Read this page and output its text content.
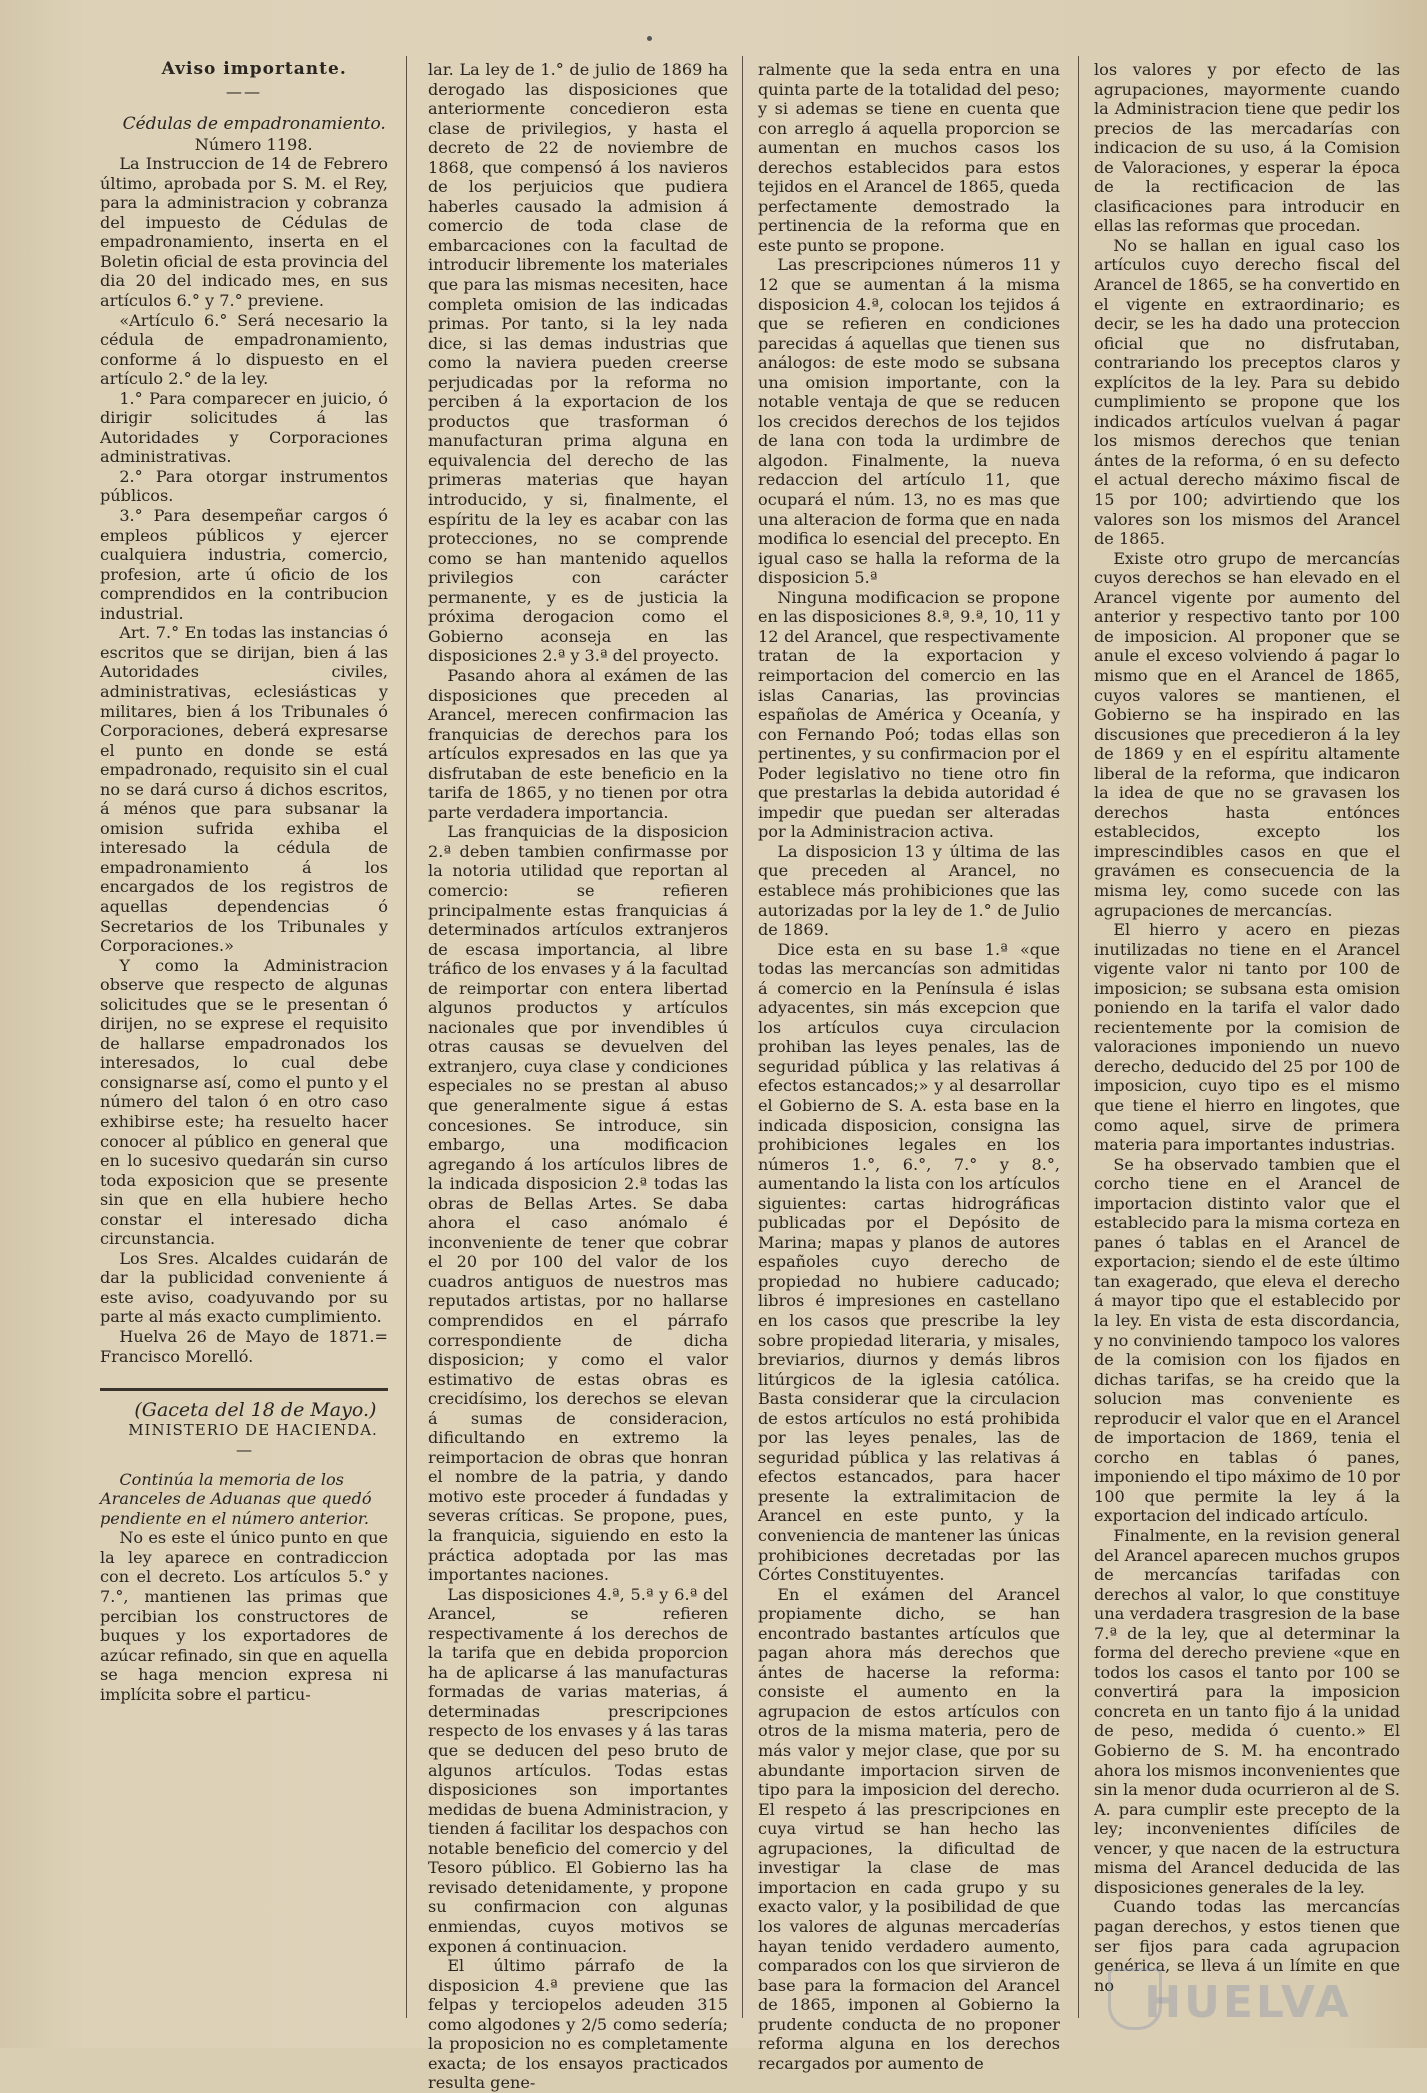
Aviso importante.

——

Cédulas de empadronamiento.

Número 1198.

La Instruccion de 14 de Febrero último, aprobada por S. M. el Rey, para la administracion y cobranza del impuesto de Cédulas de empadronamiento, inserta en el Boletin oficial de esta provincia del dia 20 del indicado mes, en sus artículos 6.° y 7.° previene.

«Artículo 6.° Será necesario la cédula de empadronamiento, conforme á lo dispuesto en el artículo 2.° de la ley.

1.° Para comparecer en juicio, ó dirigir solicitudes á las Autoridades y Corporaciones administrativas.

2.° Para otorgar instrumentos públicos.

3.° Para desempeñar cargos ó empleos públicos y ejercer cualquiera industria, comercio, profesion, arte ú oficio de los comprendidos en la contribucion industrial.

Art. 7.° En todas las instancias ó escritos que se dirijan, bien á las Autoridades civiles, administrativas, eclesiásticas y militares, bien á los Tribunales ó Corporaciones, deberá expresarse el punto en donde se está empadronado, requisito sin el cual no se dará curso á dichos escritos, á ménos que para subsanar la omision sufrida exhiba el interesado la cédula de empadronamiento á los encargados de los registros de aquellas dependencias ó Secretarios de los Tribunales y Corporaciones.»

Y como la Administracion observe que respecto de algunas solicitudes que se le presentan ó dirijen, no se exprese el requisito de hallarse empadronados los interesados, lo cual debe consignarse así, como el punto y el número del talon ó en otro caso exhibirse este; ha resuelto hacer conocer al público en general que en lo sucesivo quedarán sin curso toda exposicion que se presente sin que en ella hubiere hecho constar el interesado dicha circunstancia.

Los Sres. Alcaldes cuidarán de dar la publicidad conveniente á este aviso, coadyuvando por su parte al más exacto cumplimiento.

Huelva 26 de Mayo de 1871.= Francisco Morelló.

(Gaceta del 18 de Mayo.)

MINISTERIO DE HACIENDA.

—

Continúa la memoria de los Aranceles de Aduanas que quedó pendiente en el número anterior.

No es este el único punto en que la ley aparece en contradiccion con el decreto. Los artículos 5.° y 7.°, mantienen las primas que percibian los constructores de buques y los exportadores de azúcar refinado, sin que en aquella se haga mencion expresa ni implícita sobre el particu-

lar. La ley de 1.° de julio de 1869 ha derogado las disposiciones que anteriormente concedieron esta clase de privilegios, y hasta el decreto de 22 de noviembre de 1868, que compensó á los navieros de los perjuicios que pudiera haberles causado la admision á comercio de toda clase de embarcaciones con la facultad de introducir libremente los materiales que para las mismas necesiten, hace completa omision de las indicadas primas. Por tanto, si la ley nada dice, si las demas industrias que como la naviera pueden creerse perjudicadas por la reforma no perciben á la exportacion de los productos que trasforman ó manufacturan prima alguna en equivalencia del derecho de las primeras materias que hayan introducido, y si, finalmente, el espíritu de la ley es acabar con las protecciones, no se comprende como se han mantenido aquellos privilegios con carácter permanente, y es de justicia la próxima derogacion como el Gobierno aconseja en las disposiciones 2.ª y 3.ª del proyecto.

Pasando ahora al exámen de las disposiciones que preceden al Arancel, merecen confirmacion las franquicias de derechos para los artículos expresados en las que ya disfrutaban de este beneficio en la tarifa de 1865, y no tienen por otra parte verdadera importancia.

Las franquicias de la disposicion 2.ª deben tambien confirmasse por la notoria utilidad que reportan al comercio: se refieren principalmente estas franquicias á determinados artículos extranjeros de escasa importancia, al libre tráfico de los envases y á la facultad de reimportar con entera libertad algunos productos y artículos nacionales que por invendibles ú otras causas se devuelven del extranjero, cuya clase y condiciones especiales no se prestan al abuso que generalmente sigue á estas concesiones. Se introduce, sin embargo, una modificacion agregando á los artículos libres de la indicada disposicion 2.ª todas las obras de Bellas Artes. Se daba ahora el caso anómalo é inconveniente de tener que cobrar el 20 por 100 del valor de los cuadros antiguos de nuestros mas reputados artistas, por no hallarse comprendidos en el párrafo correspondiente de dicha disposicion; y como el valor estimativo de estas obras es crecidísimo, los derechos se elevan á sumas de consideracion, dificultando en extremo la reimportacion de obras que honran el nombre de la patria, y dando motivo este proceder á fundadas y severas críticas. Se propone, pues, la franquicia, siguiendo en esto la práctica adoptada por las mas importantes naciones.

Las disposiciones 4.ª, 5.ª y 6.ª del Arancel, se refieren respectivamente á los derechos de la tarifa que en debida proporcion ha de aplicarse á las manufacturas formadas de varias materias, á determinadas prescripciones respecto de los envases y á las taras que se deducen del peso bruto de algunos artículos. Todas estas disposiciones son importantes medidas de buena Administracion, y tienden á facilitar los despachos con notable beneficio del comercio y del Tesoro público. El Gobierno las ha revisado detenidamente, y propone su confirmacion con algunas enmiendas, cuyos motivos se exponen á continuacion.

El último párrafo de la disposicion 4.ª previene que las felpas y terciopelos adeuden 315 como algodones y 2/5 como sedería; la proposicion no es completamente exacta; de los ensayos practicados resulta gene-

ralmente que la seda entra en una quinta parte de la totalidad del peso; y si ademas se tiene en cuenta que con arreglo á aquella proporcion se aumentan en muchos casos los derechos establecidos para estos tejidos en el Arancel de 1865, queda perfectamente demostrado la pertinencia de la reforma que en este punto se propone.

Las prescripciones números 11 y 12 que se aumentan á la misma disposicion 4.ª, colocan los tejidos á que se refieren en condiciones parecidas á aquellas que tienen sus análogos: de este modo se subsana una omision importante, con la notable ventaja de que se reducen los crecidos derechos de los tejidos de lana con toda la urdimbre de algodon. Finalmente, la nueva redaccion del artículo 11, que ocupará el núm. 13, no es mas que una alteracion de forma que en nada modifica lo esencial del precepto. En igual caso se halla la reforma de la disposicion 5.ª

Ninguna modificacion se propone en las disposiciones 8.ª, 9.ª, 10, 11 y 12 del Arancel, que respectivamente tratan de la exportacion y reimportacion del comercio en las islas Canarias, las provincias españolas de América y Oceanía, y con Fernando Poó; todas ellas son pertinentes, y su confirmacion por el Poder legislativo no tiene otro fin que prestarlas la debida autoridad é impedir que puedan ser alteradas por la Administracion activa.

La disposicion 13 y última de las que preceden al Arancel, no establece más prohibiciones que las autorizadas por la ley de 1.° de Julio de 1869.

Dice esta en su base 1.ª «que todas las mercancías son admitidas á comercio en la Península é islas adyacentes, sin más excepcion que los artículos cuya circulacion prohiban las leyes penales, las de seguridad pública y las relativas á efectos estancados;» y al desarrollar el Gobierno de S. A. esta base en la indicada disposicion, consigna las prohibiciones legales en los números 1.°, 6.°, 7.° y 8.°, aumentando la lista con los artículos siguientes: cartas hidrográficas publicadas por el Depósito de Marina; mapas y planos de autores españoles cuyo derecho de propiedad no hubiere caducado; libros é impresiones en castellano en los casos que prescribe la ley sobre propiedad literaria, y misales, breviarios, diurnos y demás libros litúrgicos de la iglesia católica. Basta considerar que la circulacion de estos artículos no está prohibida por las leyes penales, las de seguridad pública y las relativas á efectos estancados, para hacer presente la extralimitacion de Arancel en este punto, y la conveniencia de mantener las únicas prohibiciones decretadas por las Córtes Constituyentes.

En el exámen del Arancel propiamente dicho, se han encontrado bastantes artículos que pagan ahora más derechos que ántes de hacerse la reforma: consiste el aumento en la agrupacion de estos artículos con otros de la misma materia, pero de más valor y mejor clase, que por su abundante importacion sirven de tipo para la imposicion del derecho. El respeto á las prescripciones en cuya virtud se han hecho las agrupaciones, la dificultad de investigar la clase de mas importacion en cada grupo y su exacto valor, y la posibilidad de que los valores de algunas mercaderías hayan tenido verdadero aumento, comparados con los que sirvieron de base para la formacion del Arancel de 1865, imponen al Gobierno la prudente conducta de no proponer reforma alguna en los derechos recargados por aumento de

los valores y por efecto de las agrupaciones, mayormente cuando la Administracion tiene que pedir los precios de las mercadarías con indicacion de su uso, á la Comision de Valoraciones, y esperar la época de la rectificacion de las clasificaciones para introducir en ellas las reformas que procedan.

No se hallan en igual caso los artículos cuyo derecho fiscal del Arancel de 1865, se ha convertido en el vigente en extraordinario; es decir, se les ha dado una proteccion oficial que no disfrutaban, contrariando los preceptos claros y explícitos de la ley. Para su debido cumplimiento se propone que los indicados artículos vuelvan á pagar los mismos derechos que tenian ántes de la reforma, ó en su defecto el actual derecho máximo fiscal de 15 por 100; advirtiendo que los valores son los mismos del Arancel de 1865.

Existe otro grupo de mercancías cuyos derechos se han elevado en el Arancel vigente por aumento del anterior y respectivo tanto por 100 de imposicion. Al proponer que se anule el exceso volviendo á pagar lo mismo que en el Arancel de 1865, cuyos valores se mantienen, el Gobierno se ha inspirado en las discusiones que precedieron á la ley de 1869 y en el espíritu altamente liberal de la reforma, que indicaron la idea de que no se gravasen los derechos hasta entónces establecidos, excepto los imprescindibles casos en que el gravámen es consecuencia de la misma ley, como sucede con las agrupaciones de mercancías.

El hierro y acero en piezas inutilizadas no tiene en el Arancel vigente valor ni tanto por 100 de imposicion; se subsana esta omision poniendo en la tarifa el valor dado recientemente por la comision de valoraciones imponiendo un nuevo derecho, deducido del 25 por 100 de imposicion, cuyo tipo es el mismo que tiene el hierro en lingotes, que como aquel, sirve de primera materia para importantes industrias.

Se ha observado tambien que el corcho tiene en el Arancel de importacion distinto valor que el establecido para la misma corteza en panes ó tablas en el Arancel de exportacion; siendo el de este último tan exagerado, que eleva el derecho á mayor tipo que el establecido por la ley. En vista de esta discordancia, y no conviniendo tampoco los valores de la comision con los fijados en dichas tarifas, se ha creido que la solucion mas conveniente es reproducir el valor que en el Arancel de importacion de 1869, tenia el corcho en tablas ó panes, imponiendo el tipo máximo de 10 por 100 que permite la ley á la exportacion del indicado artículo.

Finalmente, en la revision general del Arancel aparecen muchos grupos de mercancías tarifadas con derechos al valor, lo que constituye una verdadera trasgresion de la base 7.ª de la ley, que al determinar la forma del derecho previene «que en todos los casos el tanto por 100 se convertirá para la imposicion concreta en un tanto fijo á la unidad de peso, medida ó cuento.» El Gobierno de S. M. ha encontrado ahora los mismos inconvenientes que sin la menor duda ocurrieron al de S. A. para cumplir este precepto de la ley; inconvenientes difíciles de vencer, y que nacen de la estructura misma del Arancel deducida de las disposiciones generales de la ley.

Cuando todas las mercancías pagan derechos, y estos tienen que ser fijos para cada agrupacion genérica, se lleva á un límite en que no HUELVA
